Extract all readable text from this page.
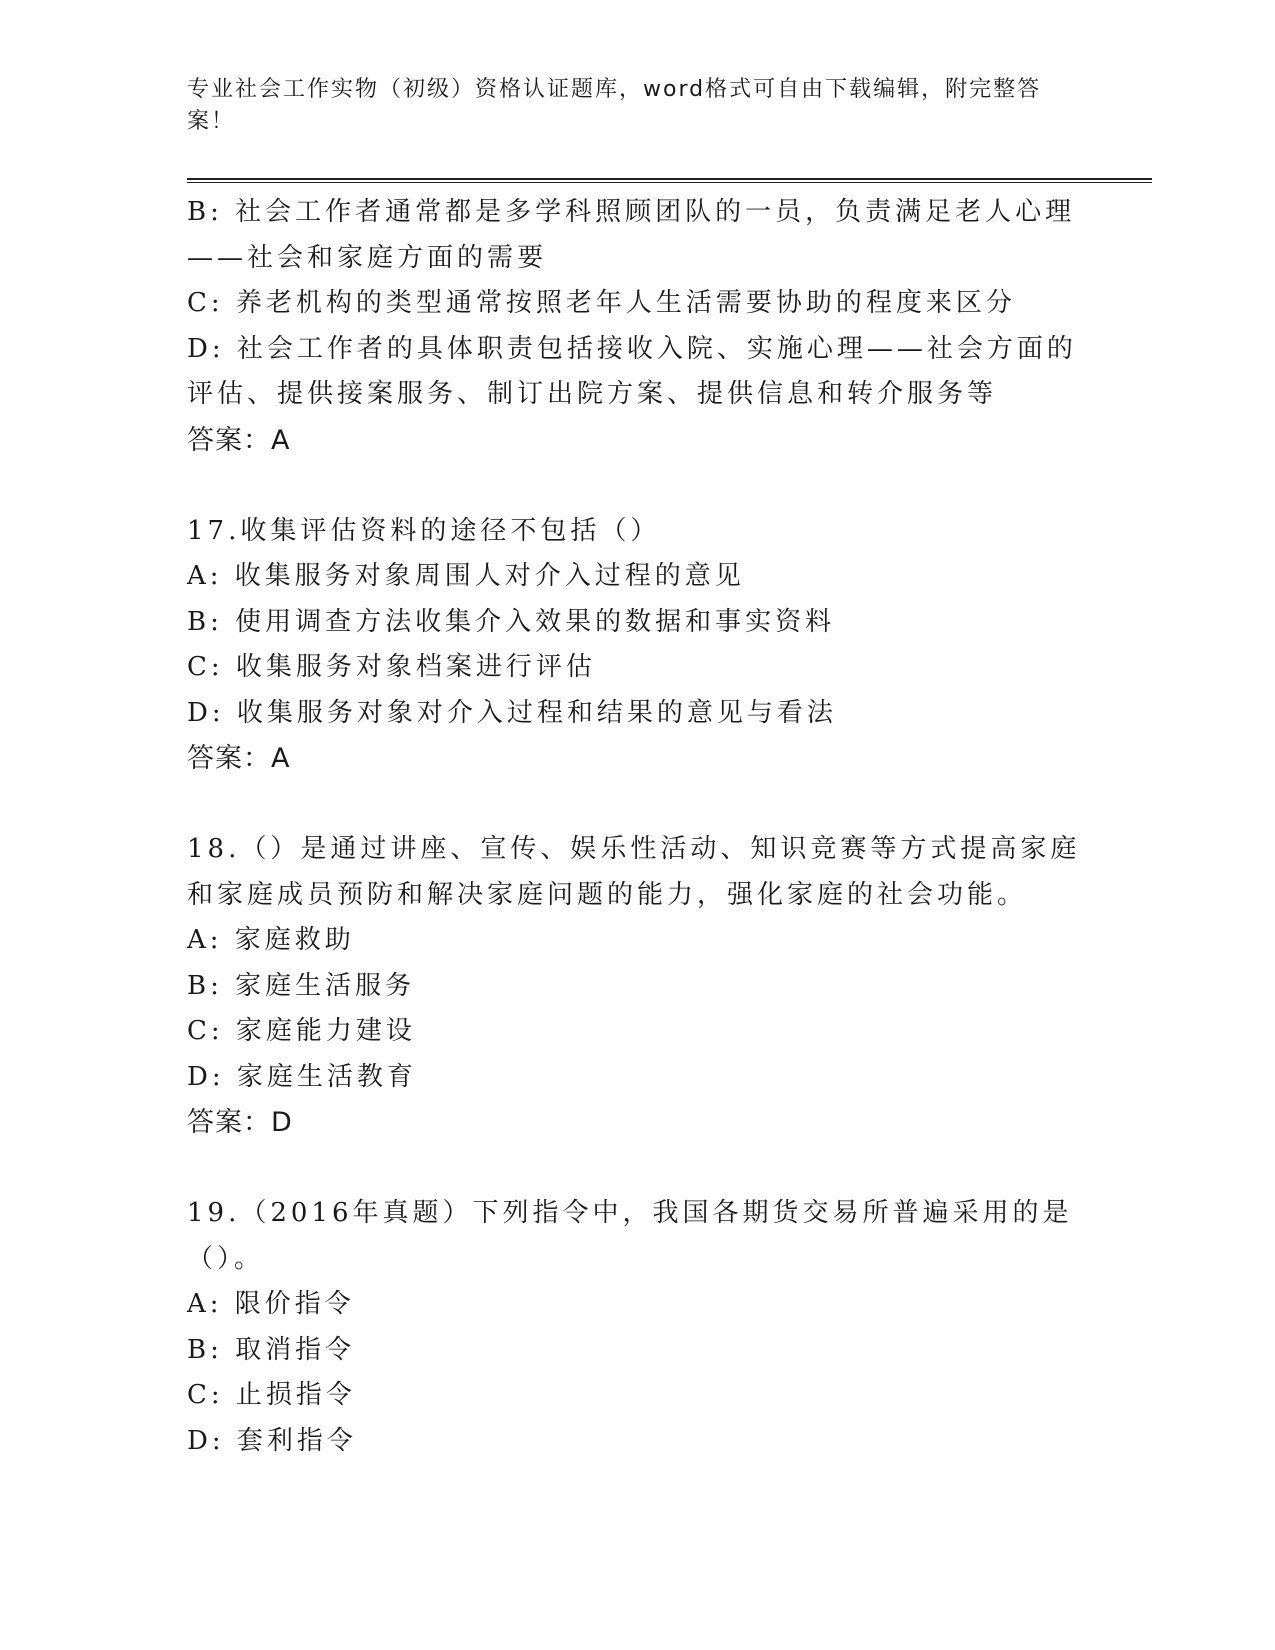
专业社会工作实物（初级）资格认证题库，word格式可自由下载编辑，附完整答案！
B: 社会工作者通常都是多学科照顾团队的一员，负责满足老人心理——社会和家庭方面的需要
C: 养老机构的类型通常按照老年人生活需要协助的程度来区分
D: 社会工作者的具体职责包括接收入院、实施心理——社会方面的评估、提供接案服务、制订出院方案、提供信息和转介服务等
答案：A
17.收集评估资料的途径不包括（）
A: 收集服务对象周围人对介入过程的意见
B: 使用调查方法收集介入效果的数据和事实资料
C: 收集服务对象档案进行评估
D: 收集服务对象对介入过程和结果的意见与看法
答案：A
18.（）是通过讲座、宣传、娱乐性活动、知识竞赛等方式提高家庭和家庭成员预防和解决家庭问题的能力，强化家庭的社会功能。
A: 家庭救助
B: 家庭生活服务
C: 家庭能力建设
D: 家庭生活教育
答案：D
19.（2016年真题）下列指令中，我国各期货交易所普遍采用的是（）。
A: 限价指令
B: 取消指令
C: 止损指令
D: 套利指令
